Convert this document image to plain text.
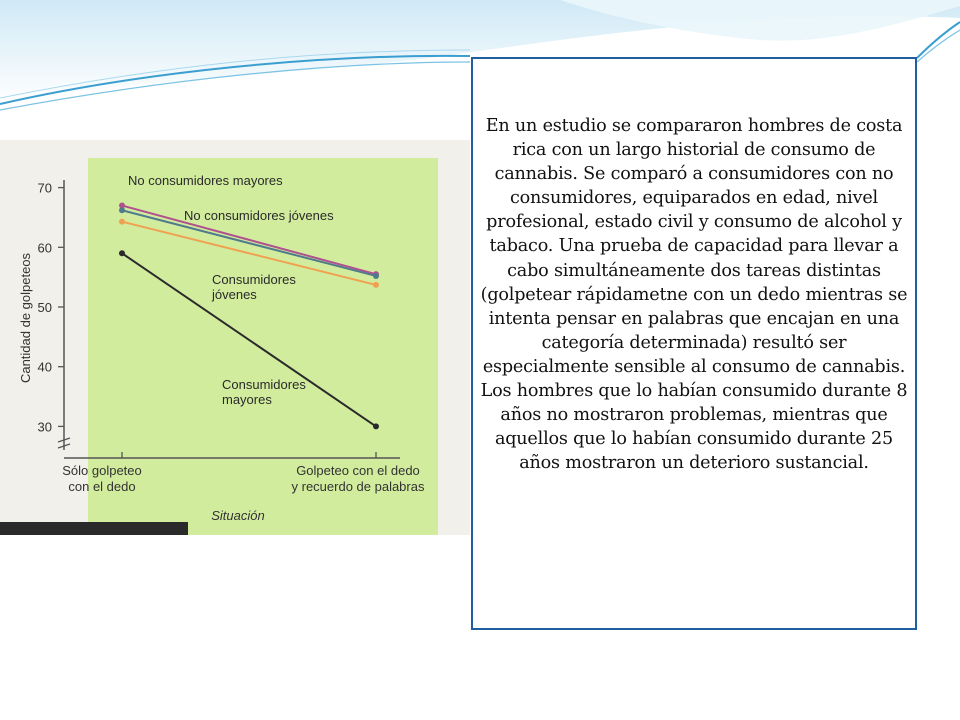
30
40
50
60
70
Sólo golpeteo
con el dedo
Golpeteo con el dedo
y recuerdo de palabras
No consumidores mayores
No consumidores jóvenes
Consumidores
jóvenes
Consumidores
mayores
Cantidad de golpeteos
Situación

En un estudio se compararon hombres de costa rica con un largo historial de consumo de cannabis. Se comparó a consumidores con no consumidores, equiparados en edad, nivel profesional, estado civil y consumo de alcohol y tabaco. Una prueba de capacidad para llevar a cabo simultáneamente dos tareas distintas (golpetear rápidametne con un dedo mientras se intenta pensar en palabras que encajan en una categoría determinada) resultó ser especialmente sensible al consumo de cannabis. Los hombres que lo habían consumido durante 8 años no mostraron problemas, mientras que aquellos que lo habían consumido durante 25 años mostraron un deterioro sustancial.
